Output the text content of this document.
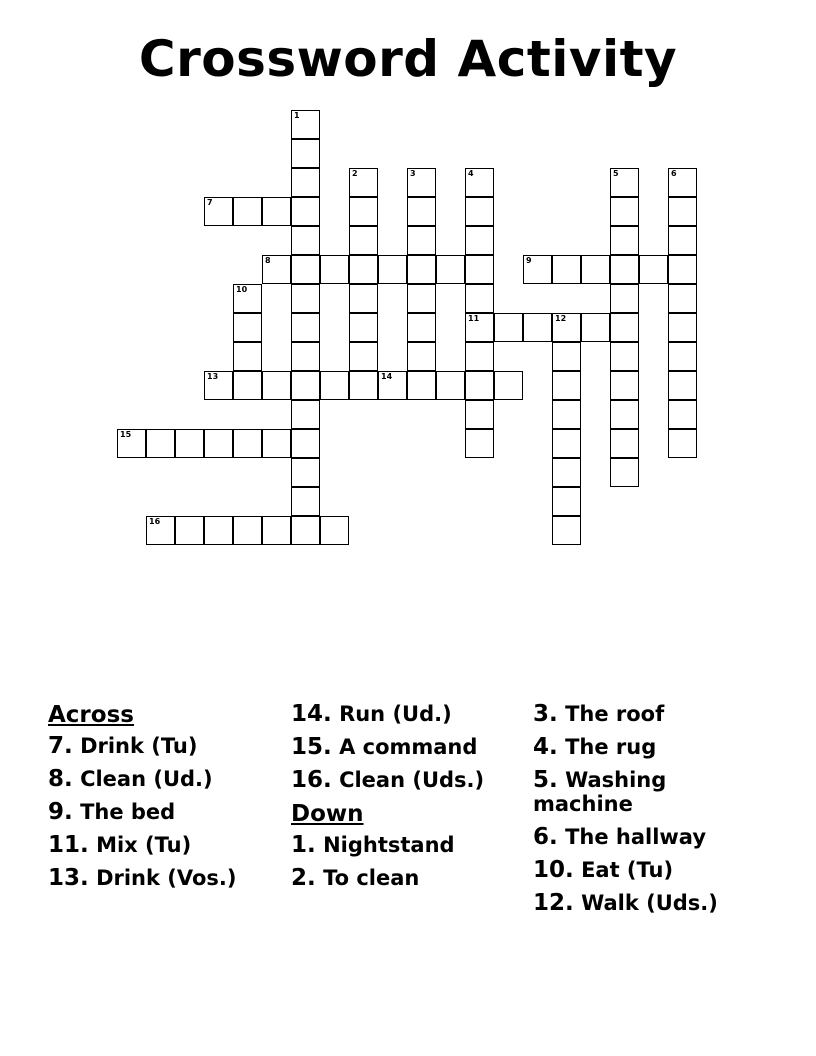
Crossword Activity
1
2	3	4
11
5	6
7
8	9
10
12
13	14
15
16
Across
7. Drink (Tu)
8. Clean (Ud.)
9. The bed
11. Mix (Tu)
13. Drink (Vos.)
14. Run (Ud.)
15. A command
16. Clean (Uds.)
Down
1. Nightstand
2. To clean
3. The roof
4. The rug
5. Washing machine
6. The hallway
10. Eat (Tu)
12. Walk (Uds.)
